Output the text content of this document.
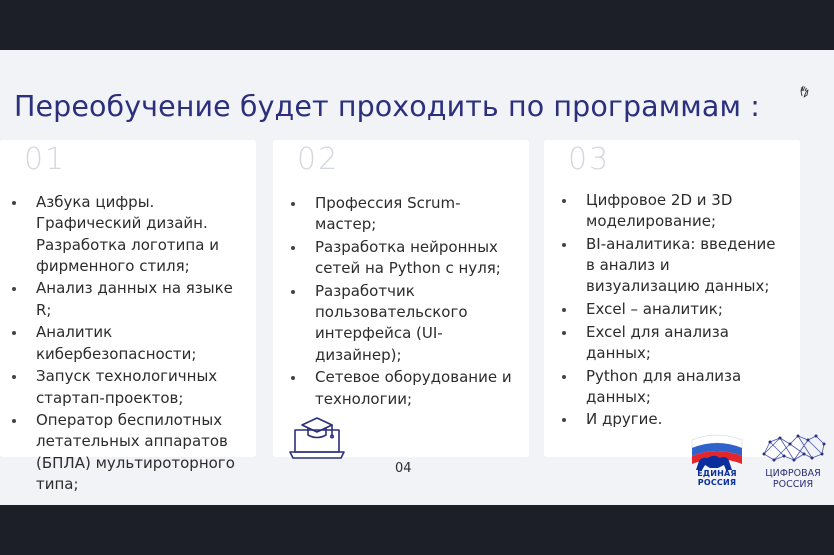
Переобучение будет проходить по программам :
01
Азбука цифры. Графический дизайн. Разработка логотипа и фирменного стиля;
Анализ данных на языке R;
Аналитик кибербезопасности;
Запуск технологичных стартап-проектов;
Оператор беспилотных летательных аппаратов (БПЛА) мультироторного типа;
02
Профессия Scrum-мастер;
Разработка нейронных сетей на Python с нуля;
Разработчик пользовательского интерфейса (UI-дизайнер);
Сетевое оборудование и технологии;
04
03
Цифровое 2D и 3D моделирование;
BI-аналитика: введение в анализ и визуализацию данных;
Excel – аналитик;
Excel для анализа данных;
Python для анализа данных;
И другие.
ЕДИНАЯ
РОССИЯ
ЦИФРОВАЯ
РОССИЯ
